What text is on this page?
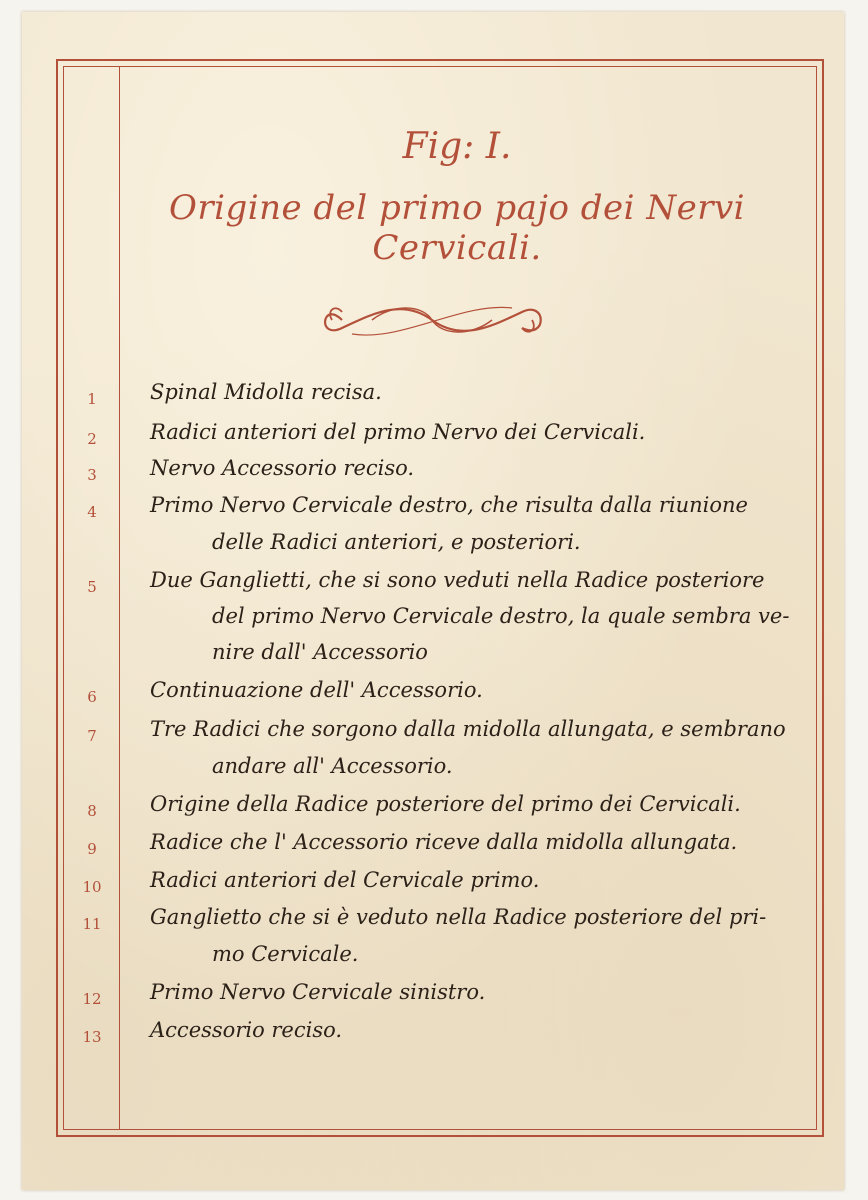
Fig: I.
Origine del primo pajo dei Nervi Cervicali.
1	Spinal Midolla recisa.
2	Radici anteriori del primo Nervo dei Cervicali.
3	Nervo Accessorio reciso.
4	Primo Nervo Cervicale destro, che risulta dalla riunione
delle Radici anteriori, e posteriori.
5	Due Ganglietti, che si sono veduti nella Radice posteriore
del primo Nervo Cervicale destro, la quale sembra ve-
nire dall' Accessorio
6	Continuazione dell' Accessorio.
7	Tre Radici che sorgono dalla midolla allungata, e sembrano
andare all' Accessorio.
8	Origine della Radice posteriore del primo dei Cervicali.
9	Radice che l' Accessorio riceve dalla midolla allungata.
10	Radici anteriori del Cervicale primo.
11	Ganglietto che si è veduto nella Radice posteriore del pri-
mo Cervicale.
12	Primo Nervo Cervicale sinistro.
13	Accessorio reciso.
